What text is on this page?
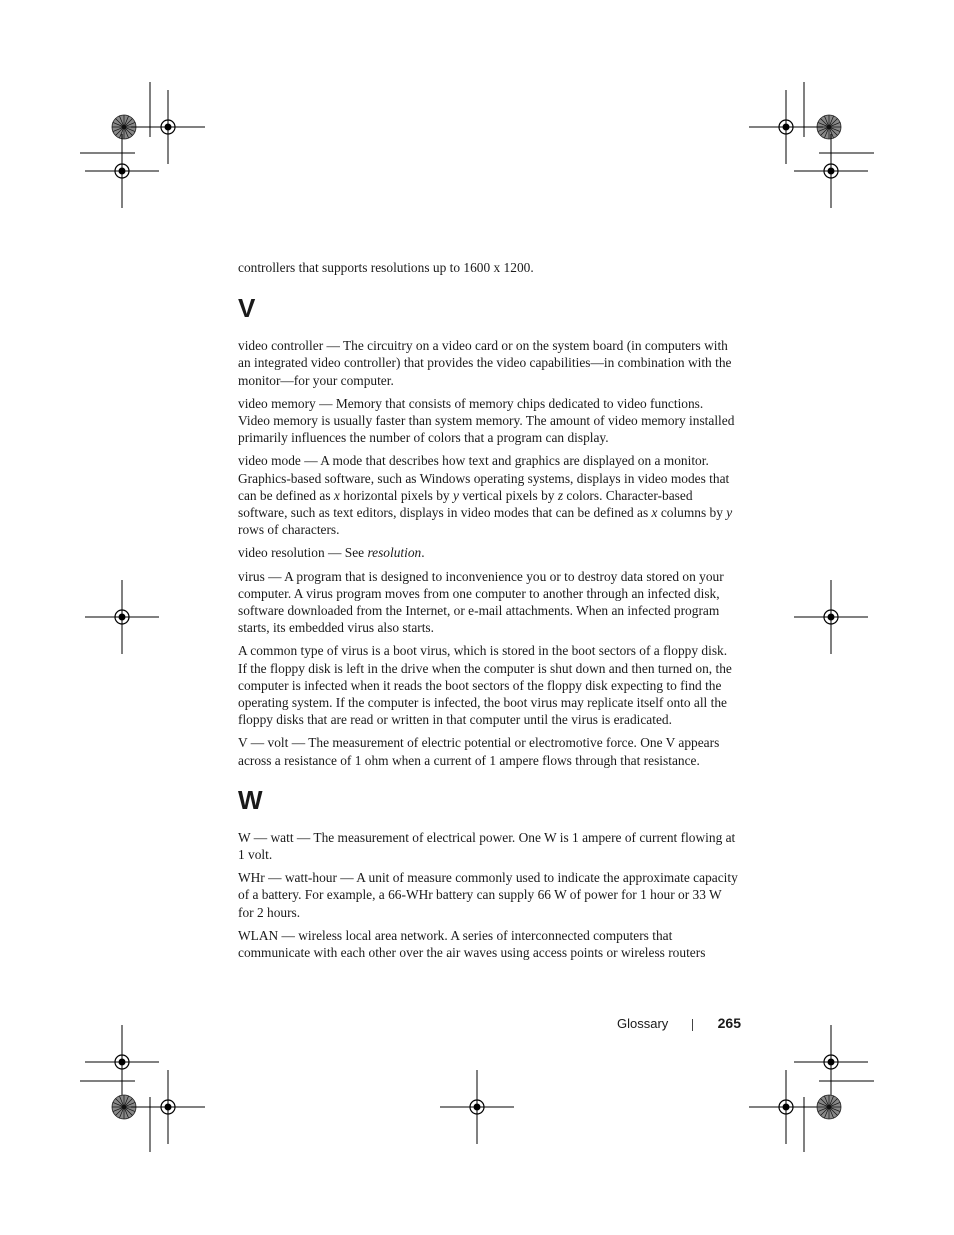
controllers that supports resolutions up to 1600 x 1200.

V

video controller — The circuitry on a video card or on the system board (in computers with an integrated video controller) that provides the video capabilities—in combination with the monitor—for your computer.

video memory — Memory that consists of memory chips dedicated to video functions. Video memory is usually faster than system memory. The amount of video memory installed primarily influences the number of colors that a program can display.

video mode — A mode that describes how text and graphics are displayed on a monitor. Graphics-based software, such as Windows operating systems, displays in video modes that can be defined as x horizontal pixels by y vertical pixels by z colors. Character-based software, such as text editors, displays in video modes that can be defined as x columns by y rows of characters.

video resolution — See resolution.

virus — A program that is designed to inconvenience you or to destroy data stored on your computer. A virus program moves from one computer to another through an infected disk, software downloaded from the Internet, or e-mail attachments. When an infected program starts, its embedded virus also starts.

A common type of virus is a boot virus, which is stored in the boot sectors of a floppy disk. If the floppy disk is left in the drive when the computer is shut down and then turned on, the computer is infected when it reads the boot sectors of the floppy disk expecting to find the operating system. If the computer is infected, the boot virus may replicate itself onto all the floppy disks that are read or written in that computer until the virus is eradicated.

V — volt — The measurement of electric potential or electromotive force. One V appears across a resistance of 1 ohm when a current of 1 ampere flows through that resistance.

W

W — watt — The measurement of electrical power. One W is 1 ampere of current flowing at 1 volt.

WHr — watt-hour — A unit of measure commonly used to indicate the approximate capacity of a battery. For example, a 66-WHr battery can supply 66 W of power for 1 hour or 33 W for 2 hours.

WLAN — wireless local area network. A series of interconnected computers that communicate with each other over the air waves using access points or wireless routers

Glossary	265
